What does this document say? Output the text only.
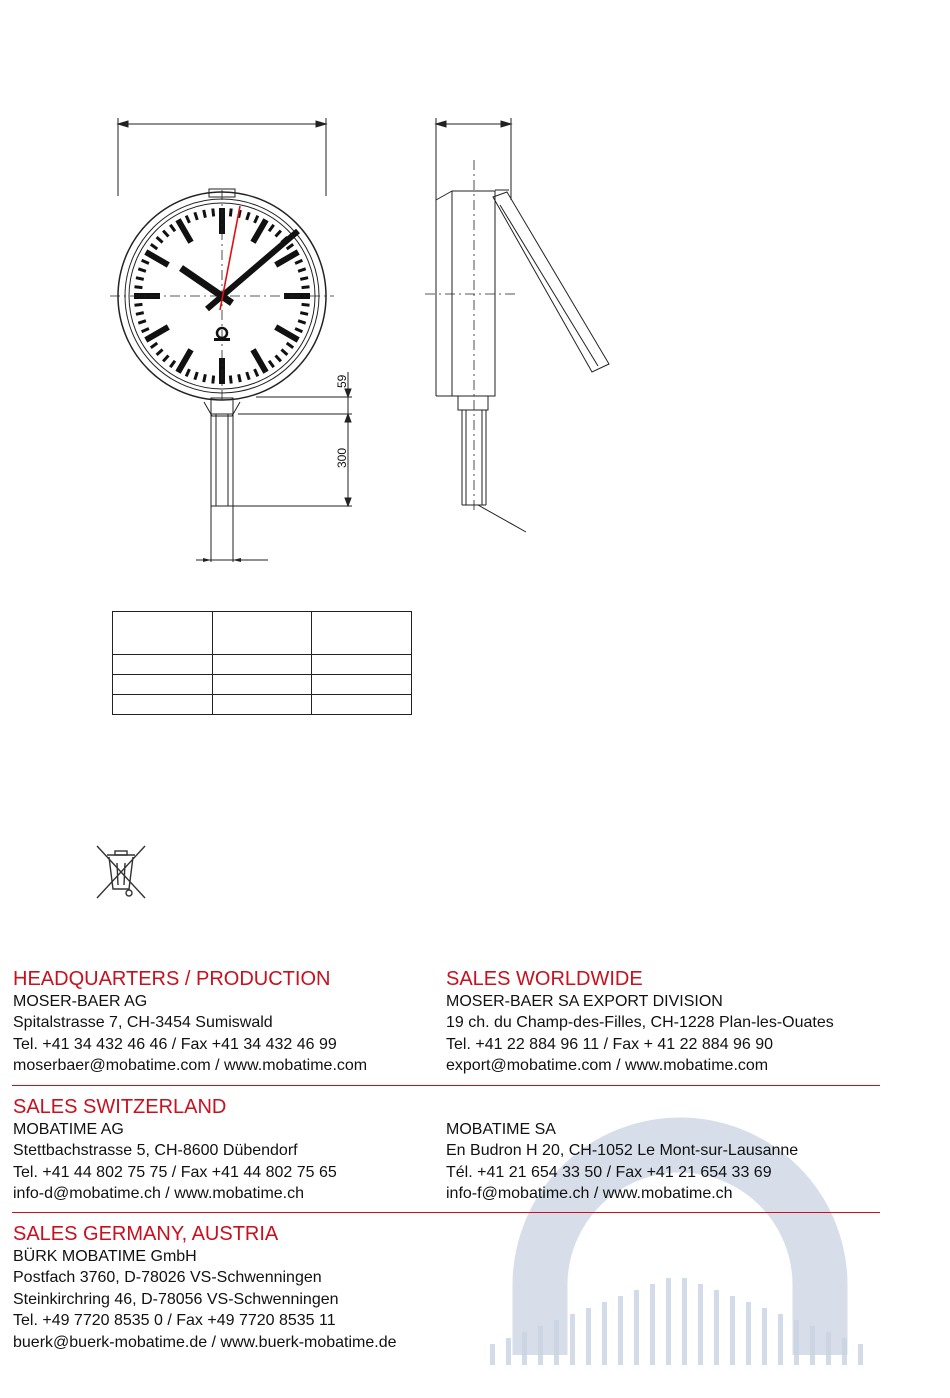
59
300

HEADQUARTERS / PRODUCTION
MOSER-BAER AG
Spitalstrasse 7, CH-3454 Sumiswald
Tel. +41 34 432 46 46 / Fax +41 34 432 46 99
moserbaer@mobatime.com / www.mobatime.com
SALES WORLDWIDE
MOSER-BAER SA EXPORT DIVISION
19 ch. du Champ-des-Filles, CH-1228 Plan-les-Ouates
Tel. +41 22 884 96 11 / Fax + 41 22 884 96 90
export@mobatime.com / www.mobatime.com
SALES SWITZERLAND
MOBATIME AG
Stettbachstrasse 5, CH-8600 Dübendorf
Tel. +41 44 802 75 75 / Fax +41 44 802 75 65
info-d@mobatime.ch / www.mobatime.ch
MOBATIME SA
En Budron H 20, CH-1052 Le Mont-sur-Lausanne
Tél. +41 21 654 33 50 / Fax +41 21 654 33 69
info-f@mobatime.ch / www.mobatime.ch
SALES GERMANY, AUSTRIA
BÜRK MOBATIME GmbH
Postfach 3760, D-78026 VS-Schwenningen
Steinkirchring 46, D-78056 VS-Schwenningen
Tel. +49 7720 8535 0 / Fax +49 7720 8535 11
buerk@buerk-mobatime.de / www.buerk-mobatime.de
